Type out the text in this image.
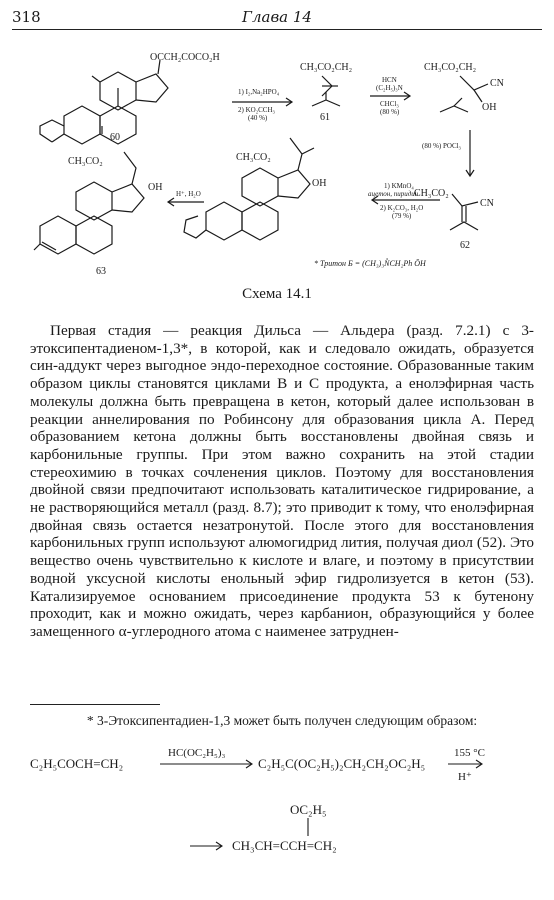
318	Глава 14
OCCH₂COCO₂H
60
1) I₂,Na₂HPO₄
2) KO₂CCH₃
(40 %)
CH₃CO₂CH₂
61
HCN
(C₂H₅)₃N
CHCl₃
(80 %)
CH₃CO₂CH₂
CN
OH
(80 %) POCl₃
CH₃CO₂
CN
62
1) KMnO₄
ацетон, пиридин
2) K₂CO₃, H₂O
(79 %)
CH₃CO₂
OH
H⁺, H₂O
CH₃CO₂
OH
63
* Тритон Б = (CH₃)₃N̊CH₂Ph ŌH
Схема 14.1

Первая стадия — реакция Дильса — Альдера (разд. 7.2.1) с 3-этоксипентадиеном-1,3*, в которой, как и следовало ожидать, образуется син-аддукт через выгодное эндо-переходное состояние. Образованные таким образом циклы становятся циклами В и С продукта, а енолэфирная часть молекулы должна быть превращена в кетон, который далее использован в реакции аннелирования по Робинсону для образования цикла А. Перед образованием кетона должны быть восстановлены двойная связь и карбонильные группы. При этом важно сохранить на этой стадии стереохимию в точках сочленения циклов. Поэтому для восстановления двойной связи предпочитают использовать каталитическое гидрирование, а не растворяющийся металл (разд. 8.7); это приводит к тому, что енолэфирная двойная связь остается незатронутой. После этого для восстановления карбонильных групп используют алюмогидрид лития, получая диол (52). Это вещество очень чувствительно к кислоте и влаге, и поэтому в присутствии водной уксусной кислоты енольный эфир гидролизуется в кетон (53). Катализируемое основанием присоединение продукта 53 к бутенону проходит, как и можно ожидать, через карбанион, образующийся у более замещенного α-углеродного атома с наименее затруднен-

* 3-Этоксипентадиен-1,3 может быть получен следующим образом:
C₂H₅COCH=CH₂
HC(OC₂H₅)₃
C₂H₅C(OC₂H₅)₂CH₂CH₂OC₂H₅
155 °C
H⁺
OC₂H₅
CH₃CH=CCH=CH₂
